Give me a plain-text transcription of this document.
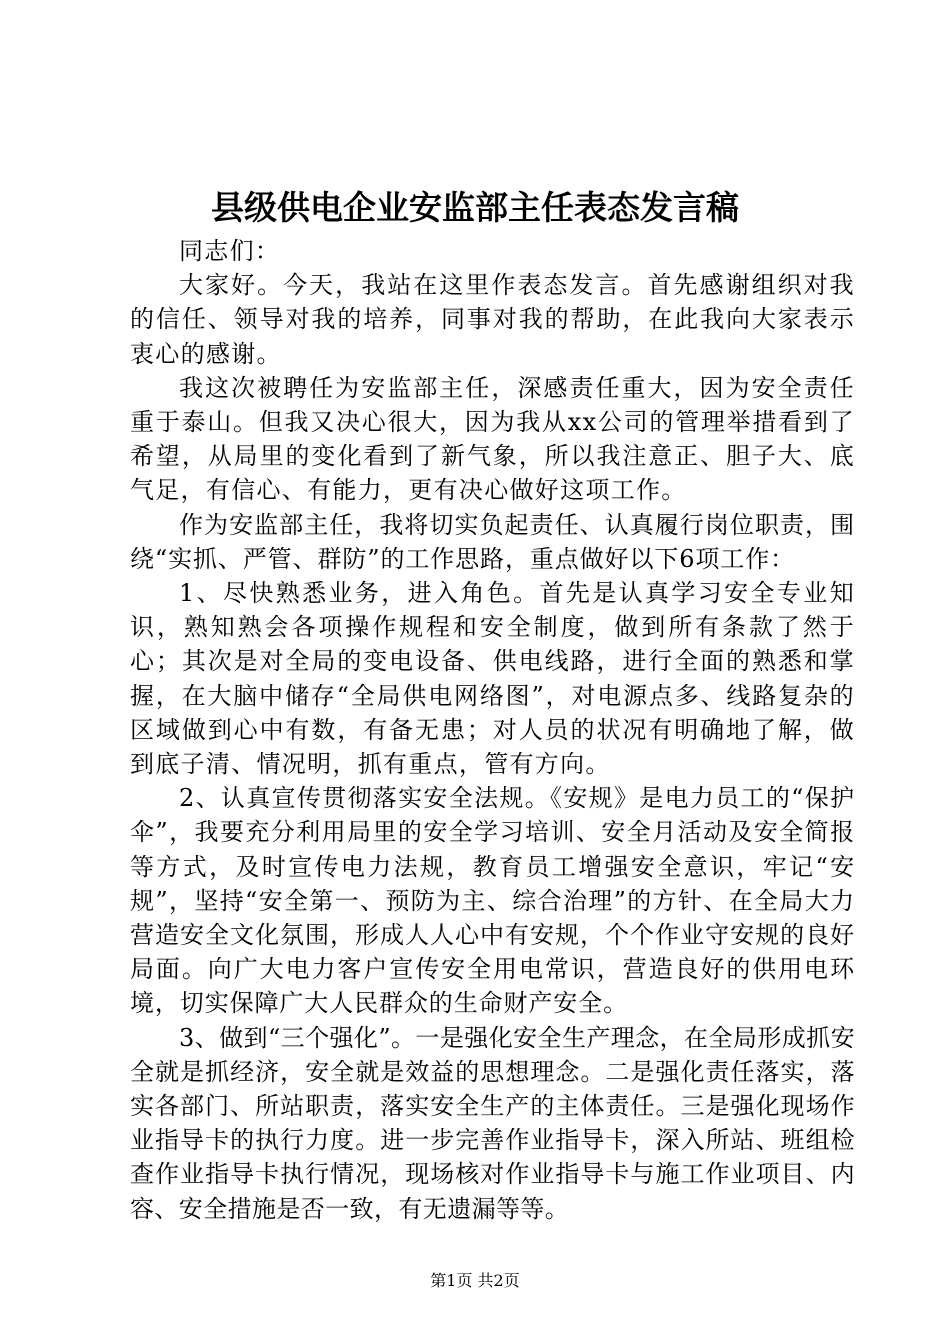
县级供电企业安监部主任表态发言稿

同志们：

大家好。今天，我站在这里作表态发言。首先感谢组织对我的信任、领导对我的培养，同事对我的帮助，在此我向大家表示衷心的感谢。

我这次被聘任为安监部主任，深感责任重大，因为安全责任重于泰山。但我又决心很大，因为我从xx公司的管理举措看到了希望，从局里的变化看到了新气象，所以我注意正、胆子大、底气足，有信心、有能力，更有决心做好这项工作。

作为安监部主任，我将切实负起责任、认真履行岗位职责，围绕“实抓、严管、群防”的工作思路，重点做好以下6项工作：

1、尽快熟悉业务，进入角色。首先是认真学习安全专业知识，熟知熟会各项操作规程和安全制度，做到所有条款了然于心；其次是对全局的变电设备、供电线路，进行全面的熟悉和掌握，在大脑中储存“全局供电网络图”，对电源点多、线路复杂的区域做到心中有数，有备无患；对人员的状况有明确地了解，做到底子清、情况明，抓有重点，管有方向。

2、认真宣传贯彻落实安全法规。《安规》是电力员工的“保护伞”，我要充分利用局里的安全学习培训、安全月活动及安全简报等方式，及时宣传电力法规，教育员工增强安全意识，牢记“安规”，坚持“安全第一、预防为主、综合治理”的方针、在全局大力营造安全文化氛围，形成人人心中有安规，个个作业守安规的良好局面。向广大电力客户宣传安全用电常识，营造良好的供用电环境，切实保障广大人民群众的生命财产安全。

3、做到“三个强化”。一是强化安全生产理念，在全局形成抓安全就是抓经济，安全就是效益的思想理念。二是强化责任落实，落实各部门、所站职责，落实安全生产的主体责任。三是强化现场作业指导卡的执行力度。进一步完善作业指导卡，深入所站、班组检查作业指导卡执行情况，现场核对作业指导卡与施工作业项目、内容、安全措施是否一致，有无遗漏等等。

第1页 共2页
